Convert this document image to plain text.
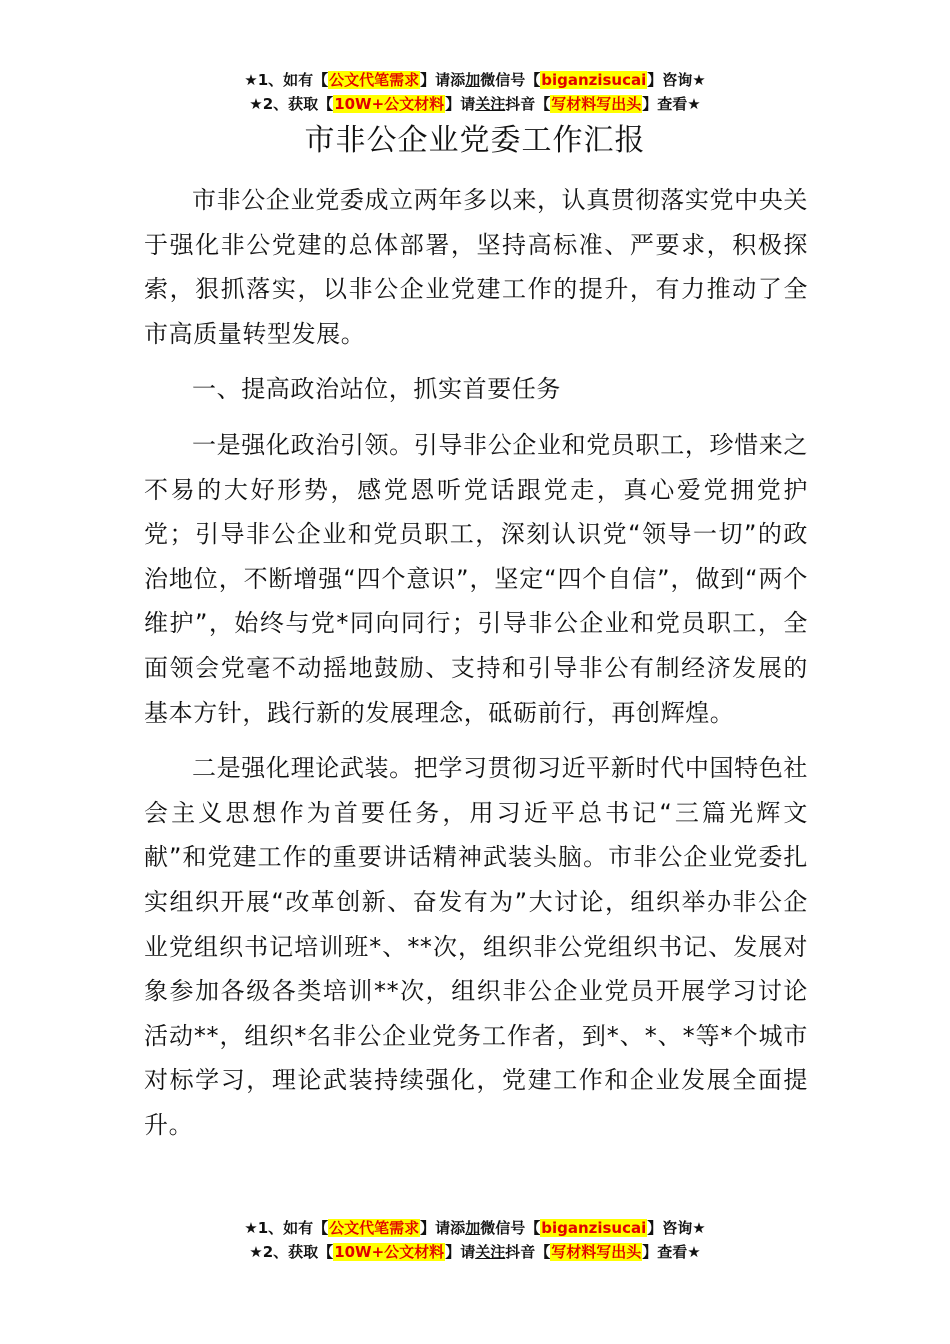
★1、如有【公文代笔需求】请添加微信号【biganzisucai】咨询★
★2、获取【10W+公文材料】请关注抖音【写材料写出头】查看★
市非公企业党委工作汇报

市非公企业党委成立两年多以来，认真贯彻落实党中央关于强化非公党建的总体部署，坚持高标准、严要求，积极探索，狠抓落实，以非公企业党建工作的提升，有力推动了全市高质量转型发展。

一、提高政治站位，抓实首要任务

一是强化政治引领。引导非公企业和党员职工，珍惜来之不易的大好形势，感党恩听党话跟党走，真心爱党拥党护党；引导非公企业和党员职工，深刻认识党“领导一切”的政治地位，不断增强“四个意识”，坚定“四个自信”，做到“两个维护”，始终与党*同向同行；引导非公企业和党员职工，全面领会党毫不动摇地鼓励、支持和引导非公有制经济发展的基本方针，践行新的发展理念，砥砺前行，再创辉煌。

二是强化理论武装。把学习贯彻习近平新时代中国特色社会主义思想作为首要任务，用习近平总书记“三篇光辉文献”和党建工作的重要讲话精神武装头脑。市非公企业党委扎实组织开展“改革创新、奋发有为”大讨论，组织举办非公企业党组织书记培训班*、**次，组织非公党组织书记、发展对象参加各级各类培训**次，组织非公企业党员开展学习讨论活动**，组织*名非公企业党务工作者，到*、*、*等*个城市对标学习，理论武装持续强化，党建工作和企业发展全面提升。

★1、如有【公文代笔需求】请添加微信号【biganzisucai】咨询★
★2、获取【10W+公文材料】请关注抖音【写材料写出头】查看★
